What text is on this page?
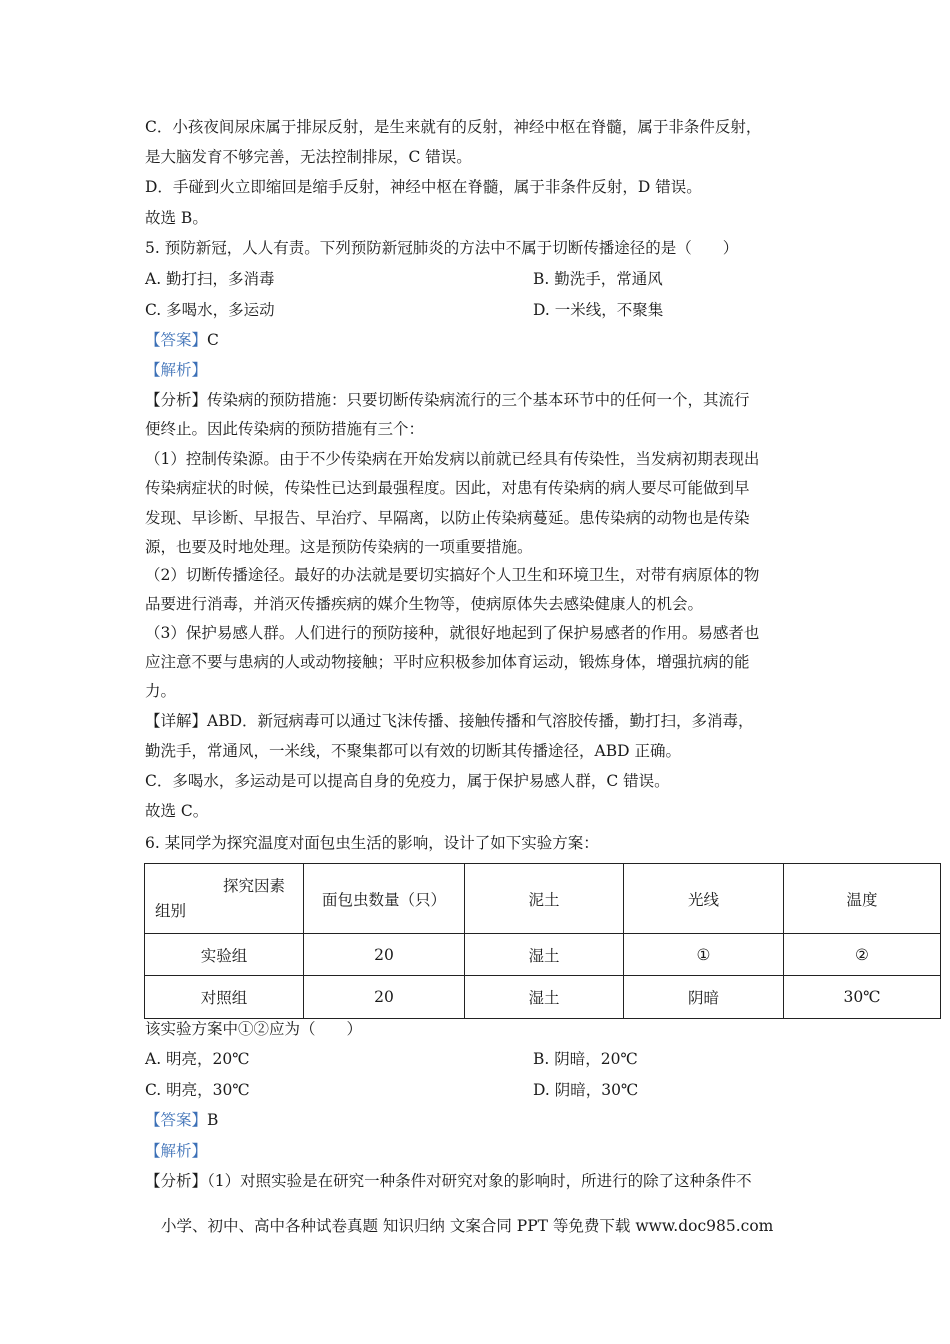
C．小孩夜间尿床属于排尿反射，是生来就有的反射，神经中枢在脊髓，属于非条件反射，
是大脑发育不够完善，无法控制排尿，C 错误。
D．手碰到火立即缩回是缩手反射，神经中枢在脊髓，属于非条件反射，D 错误。
故选 B。
5. 预防新冠，人人有责。下列预防新冠肺炎的方法中不属于切断传播途径的是（　　）
【答案】C
【解析】
【分析】传染病的预防措施：只要切断传染病流行的三个基本环节中的任何一个，其流行
便终止。因此传染病的预防措施有三个：
（1）控制传染源。由于不少传染病在开始发病以前就已经具有传染性，当发病初期表现出
传染病症状的时候，传染性已达到最强程度。因此，对患有传染病的病人要尽可能做到早
发现、早诊断、早报告、早治疗、早隔离，以防止传染病蔓延。患传染病的动物也是传染
源，也要及时地处理。这是预防传染病的一项重要措施。
（2）切断传播途径。最好的办法就是要切实搞好个人卫生和环境卫生，对带有病原体的物
品要进行消毒，并消灭传播疾病的媒介生物等，使病原体失去感染健康人的机会。
（3）保护易感人群。人们进行的预防接种，就很好地起到了保护易感者的作用。易感者也
应注意不要与患病的人或动物接触；平时应积极参加体育运动，锻炼身体，增强抗病的能
力。
【详解】ABD．新冠病毒可以通过飞沫传播、接触传播和气溶胶传播，勤打扫，多消毒，
勤洗手，常通风，一米线，不聚集都可以有效的切断其传播途径，ABD 正确。
C．多喝水，多运动是可以提高自身的免疫力，属于保护易感人群，C 错误。
故选 C。
6. 某同学为探究温度对面包虫生活的影响，设计了如下实验方案：
该实验方案中①②应为（　　）
【答案】B
【解析】
【分析】（1）对照实验是在研究一种条件对研究对象的影响时，所进行的除了这种条件不
A. 勤打扫，多消毒	B. 勤洗手，常通风
C. 多喝水，多运动	D. 一米线，不聚集
A. 明亮，20℃	B. 阴暗，20℃
C. 明亮，30℃	D. 阴暗，30℃
探究因素
组别	面包虫数量（只）	泥土	光线	温度
实验组	20	湿土	①	②
对照组	20	湿土	阴暗	30℃
小学、初中、高中各种试卷真题 知识归纳 文案合同 PPT 等免费下载 www.doc985.com
